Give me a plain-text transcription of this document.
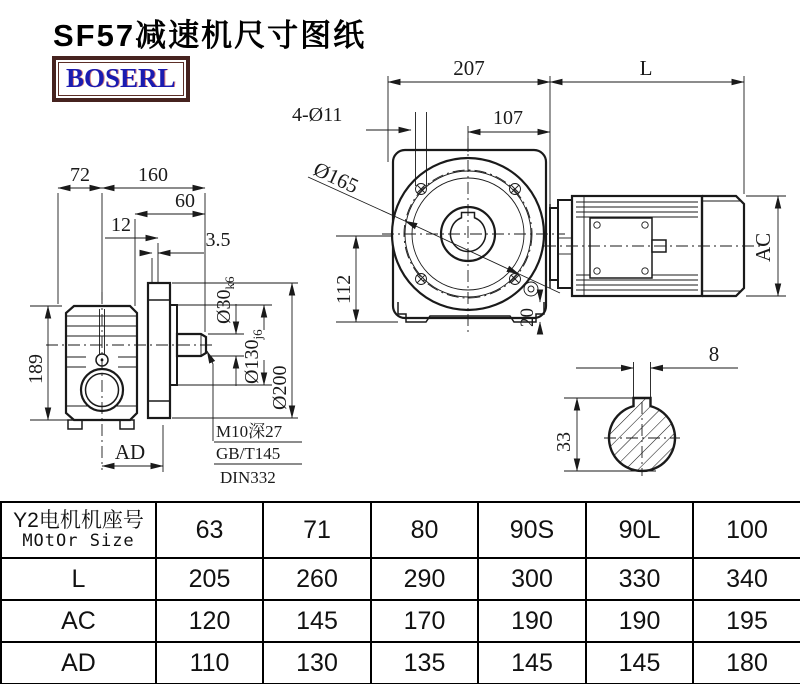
72 160
60
12
3.5
189
AD
$Ø30_{k6}$
$Ø130_{j6}$
Ø200
M10深27
GB/T145
DIN332
207	L
107
4-Ø11
Ø165
112
20
AC
8
33
SF57减速机尺寸图纸
BOSERL
Y2电机机座号
MOtOr Size	63	71	80	90S	90L	100
L	205	260	290	300	330	340
AC	120	145	170	190	190	195
AD	110	130	135	145	145	180
